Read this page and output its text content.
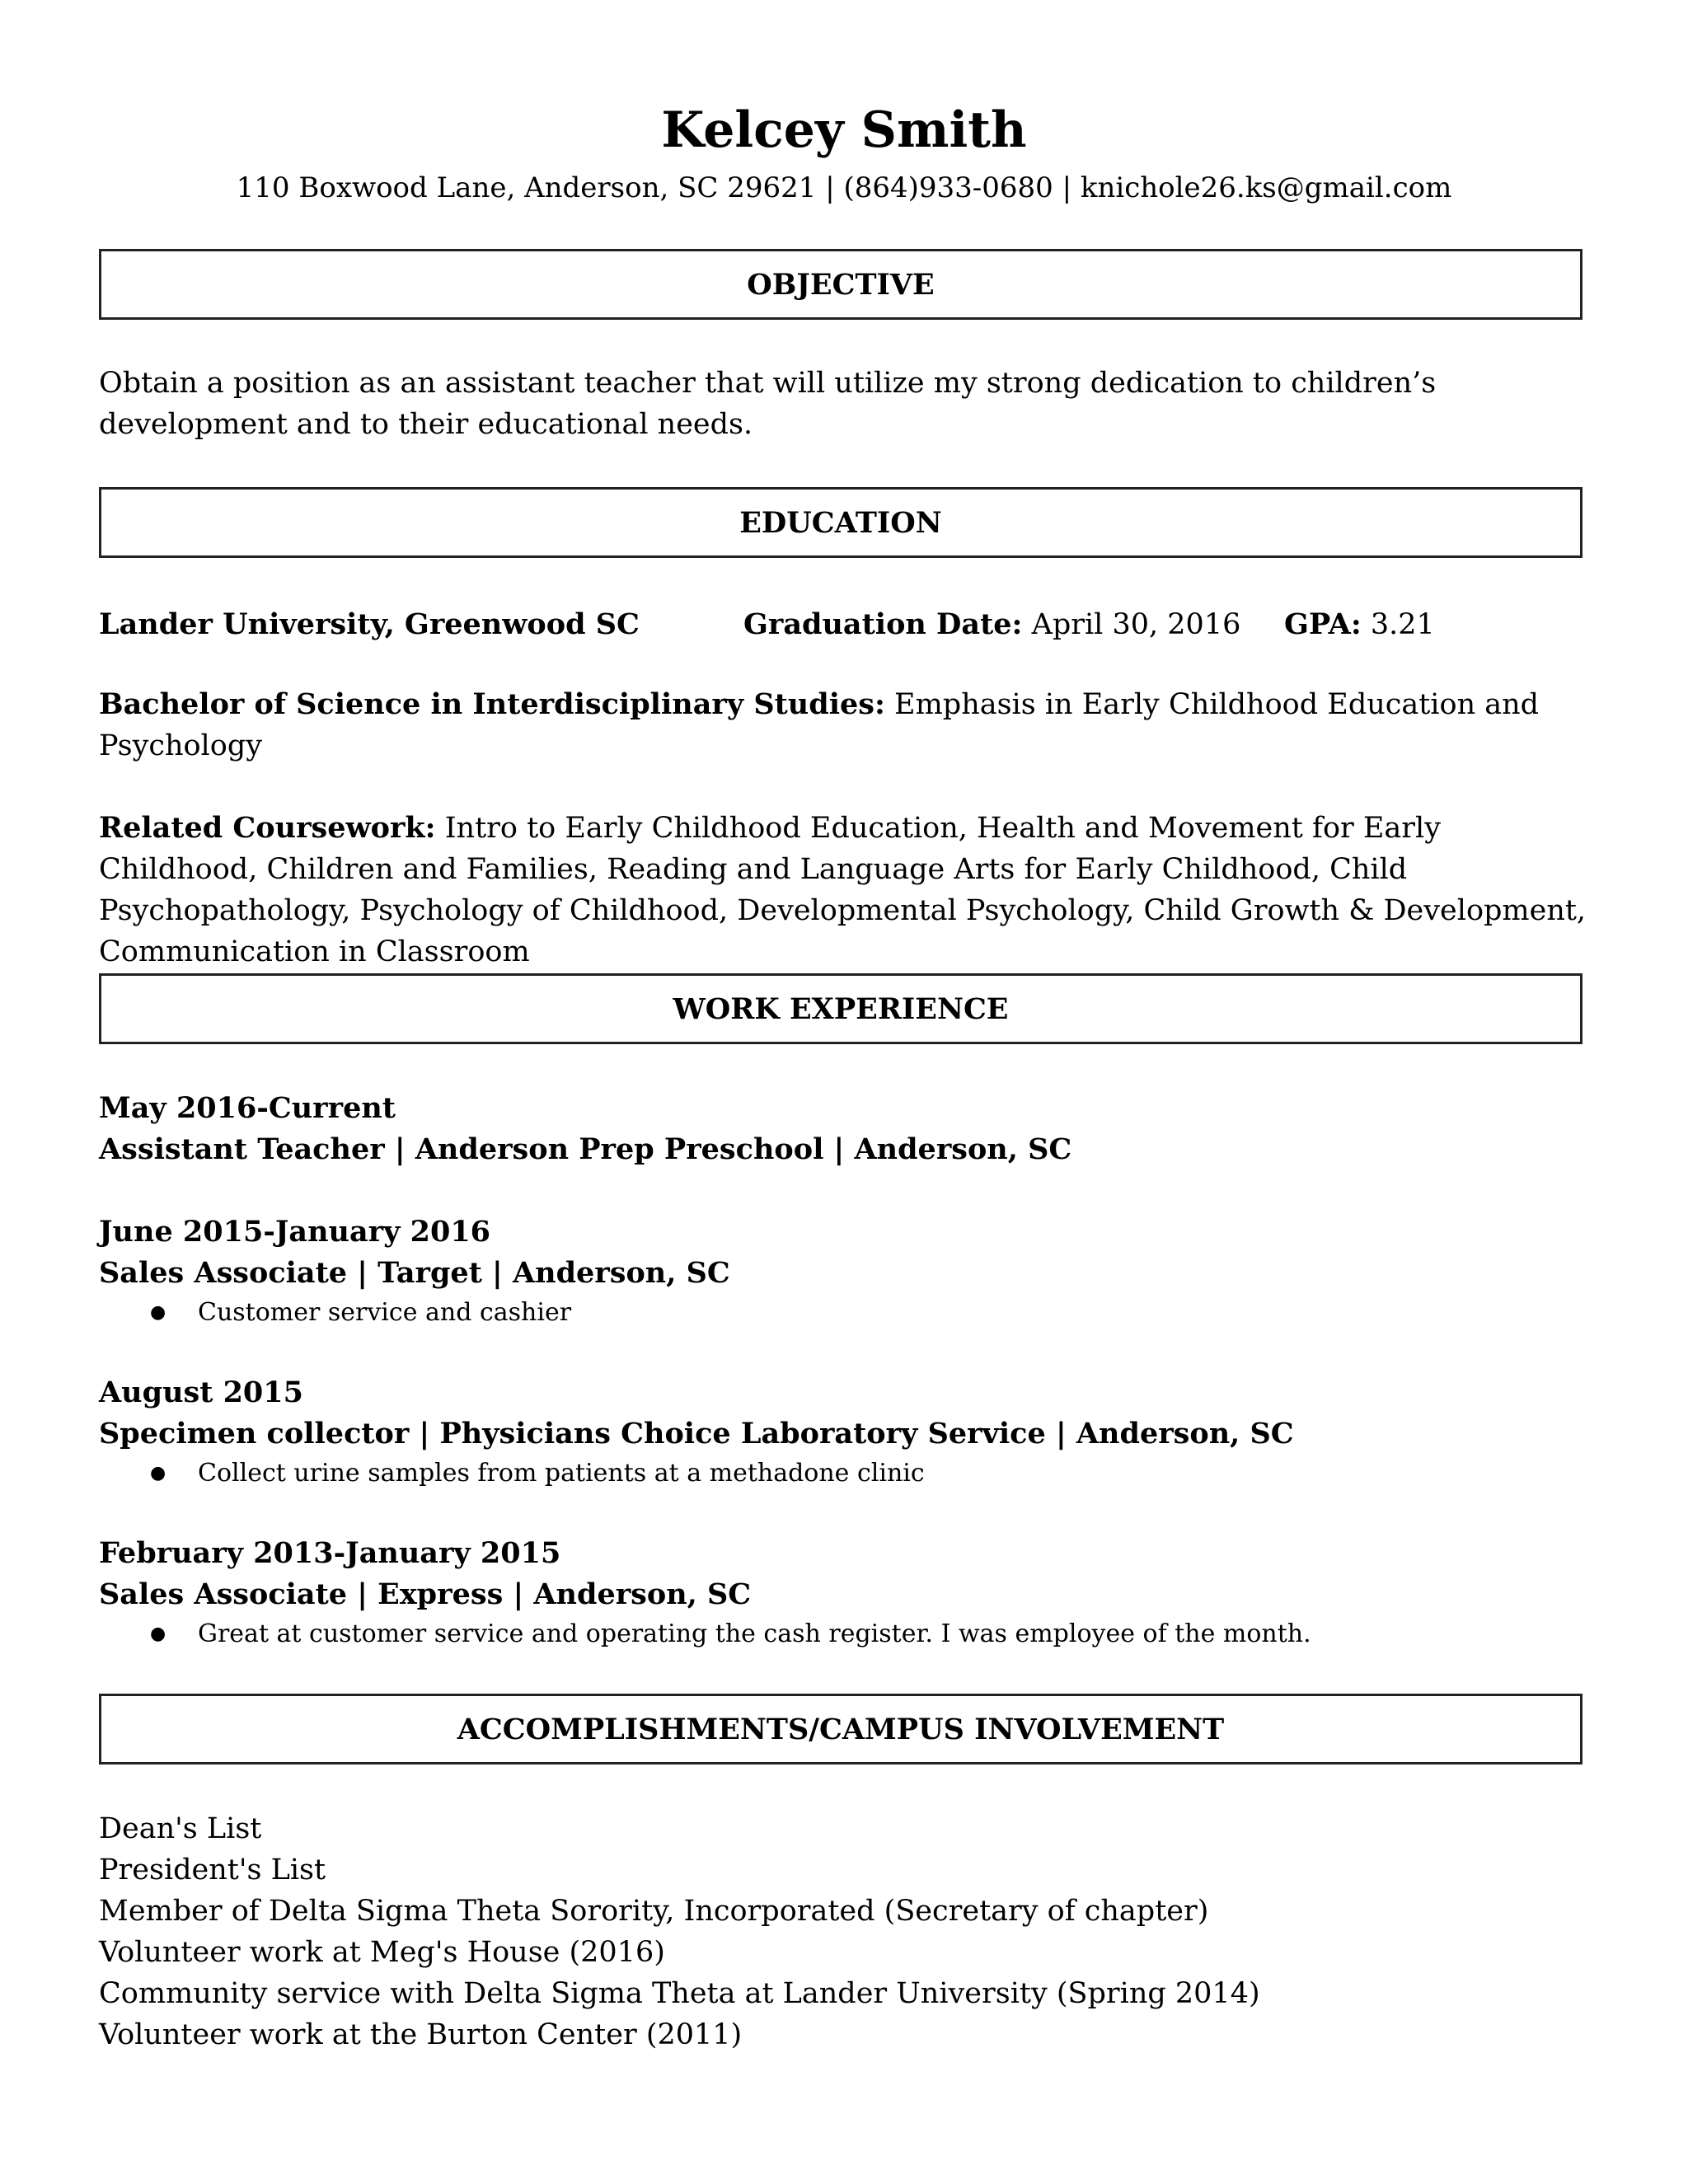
Kelcey Smith
110 Boxwood Lane, Anderson, SC 29621 | (864)933-0680 | knichole26.ks@gmail.com
OBJECTIVE

Obtain a position as an assistant teacher that will utilize my strong dedication to children’s development and to their educational needs.

EDUCATION
Lander University, Greenwood SC	Graduation Date: April 30, 2016 GPA: 3.21

Bachelor of Science in Interdisciplinary Studies: Emphasis in Early Childhood Education and Psychology

Related Coursework: Intro to Early Childhood Education, Health and Movement for Early Childhood, Children and Families, Reading and Language Arts for Early Childhood, Child Psychopathology, Psychology of Childhood, Developmental Psychology, Child Growth & Development, Communication in Classroom

WORK EXPERIENCE

May 2016-Current

Assistant Teacher | Anderson Prep Preschool | Anderson, SC

June 2015-January 2016

Sales Associate | Target | Anderson, SC

● Customer service and cashier

August 2015

Specimen collector | Physicians Choice Laboratory Service | Anderson, SC

● Collect urine samples from patients at a methadone clinic

February 2013-January 2015

Sales Associate | Express | Anderson, SC

● Great at customer service and operating the cash register. I was employee of the month.

ACCOMPLISHMENTS/CAMPUS INVOLVEMENT

Dean's List

President's List

Member of Delta Sigma Theta Sorority, Incorporated (Secretary of chapter)

Volunteer work at Meg's House (2016)

Community service with Delta Sigma Theta at Lander University (Spring 2014)

Volunteer work at the Burton Center (2011)
